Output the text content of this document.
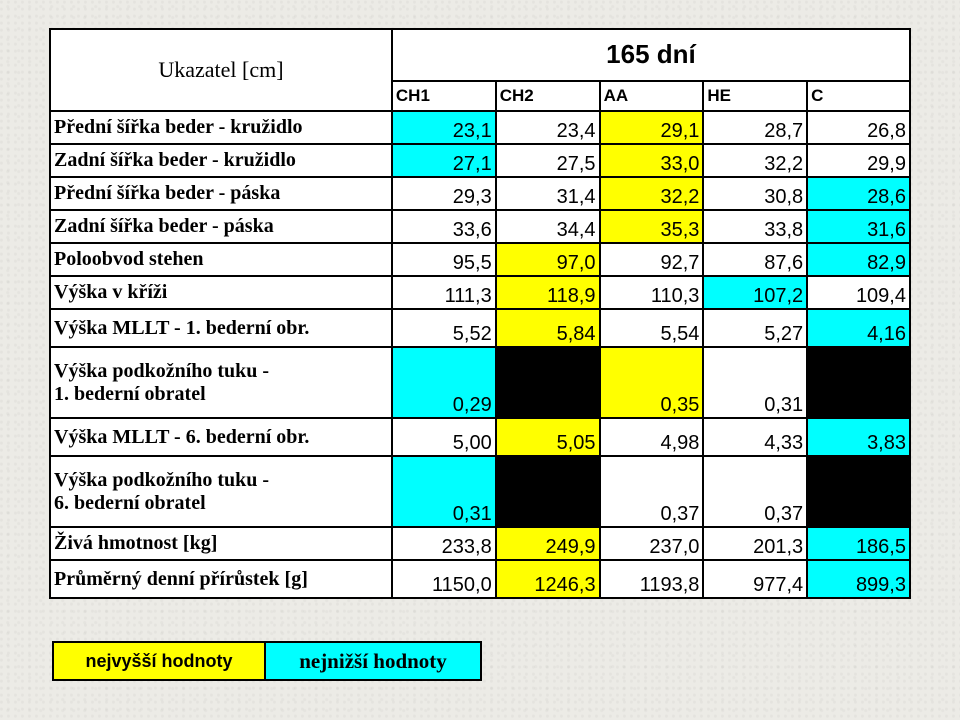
Ukazatel [cm]	165 dní				
	CH1	CH2	AA	HE	C

Přední šířka beder - kružidlo	23,1	23,4	29,1	28,7	26,8

Zadní šířka beder - kružidlo	27,1	27,5	33,0	32,2	29,9

Přední šířka beder - páska	29,3	31,4	32,2	30,8	28,6

Zadní šířka beder - páska	33,6	34,4	35,3	33,8	31,6

Poloobvod stehen	95,5	97,0	92,7	87,6	82,9

Výška v kříži	111,3	118,9	110,3	107,2	109,4

Výška MLLT - 1. bederní obr.	5,52	5,84	5,54	5,27	4,16

Výška podkožního tuku -
1. bederní obratel	0,29		0,35	0,31	

Výška MLLT - 6. bederní obr.	5,00	5,05	4,98	4,33	3,83

Výška podkožního tuku -
6. bederní obratel	0,31		0,37	0,37	

Živá hmotnost [kg]	233,8	249,9	237,0	201,3	186,5

Průměrný denní přírůstek [g]	1150,0	1246,3	1193,8	977,4	899,3
nejvyšší hodnoty	nejnižší hodnoty
